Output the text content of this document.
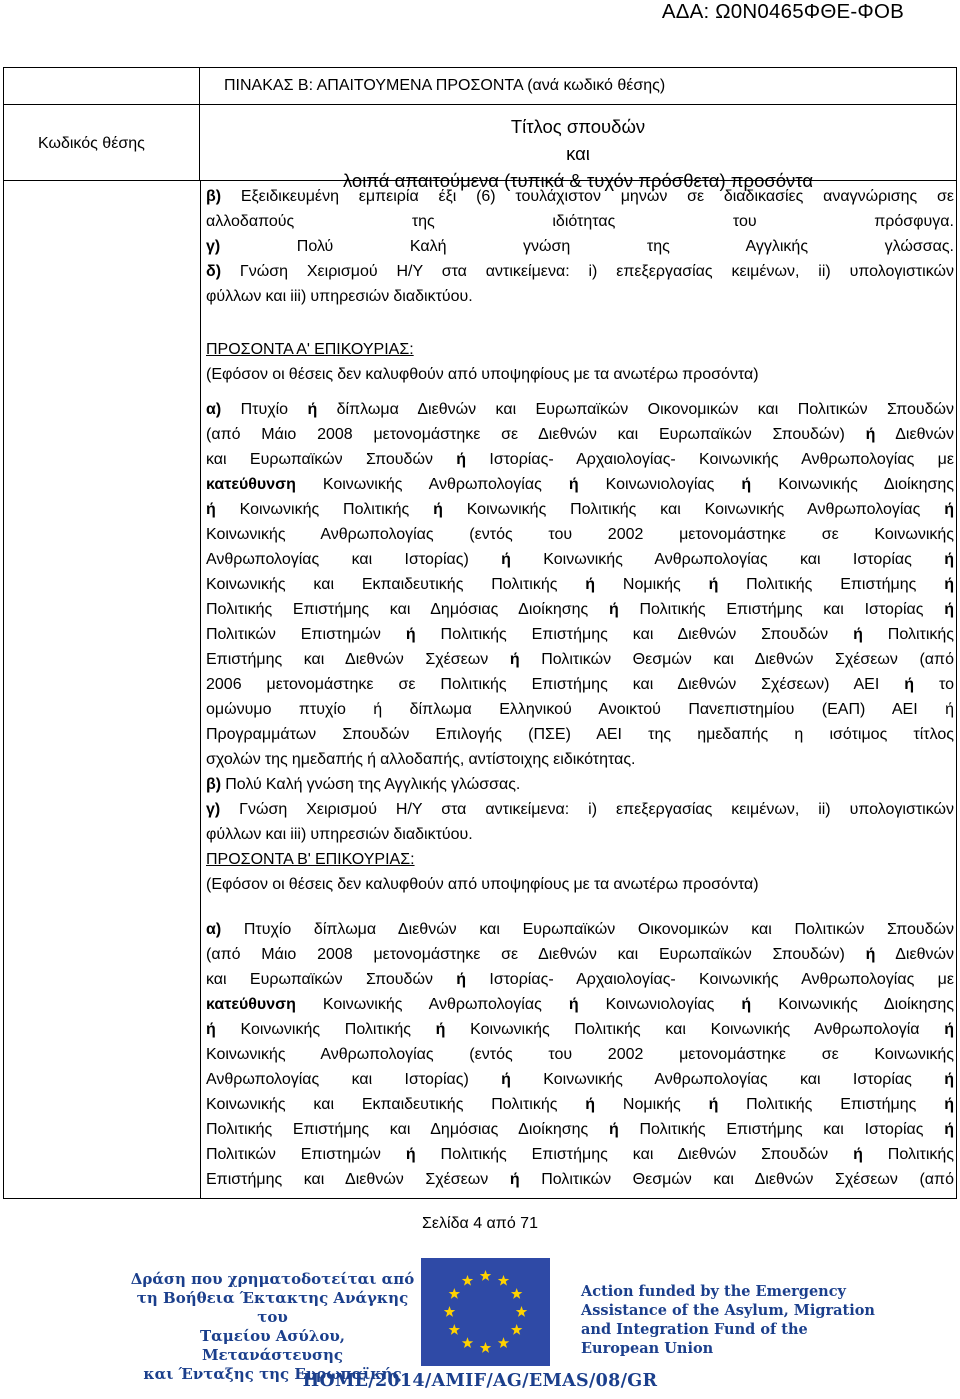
ΑΔΑ: Ω0Ν0465ΦΘΕ-ΦΟΒ
ΠΙΝΑΚΑΣ Β: ΑΠΑΙΤΟΥΜΕΝΑ ΠΡΟΣΟΝΤΑ (ανά κωδικό θέσης)
Κωδικός θέσης
Τίτλος σπουδών
και
λοιπά απαιτούμενα (τυπικά & τυχόν πρόσθετα) προσόντα
β) Εξειδικευμένη εμπειρία έξι (6) τουλάχιστον μηνών σε διαδικασίες αναγνώρισης σε
αλλοδαπούς της ιδιότητας του πρόσφυγα.
γ) Πολύ Καλή γνώση της Αγγλικής γλώσσας.
δ) Γνώση Χειρισμού Η/Υ στα αντικείμενα: i) επεξεργασίας κειμένων, ii) υπολογιστικών
φύλλων και iii) υπηρεσιών διαδικτύου.
ΠΡΟΣΟΝΤΑ Α' ΕΠΙΚΟΥΡΙΑΣ:
(Εφόσον οι θέσεις δεν καλυφθούν από υποψηφίους με τα ανωτέρω προσόντα)
α) Πτυχίο ή δίπλωμα Διεθνών και Ευρωπαϊκών Οικονομικών και Πολιτικών Σπουδών
(από Μάιο 2008 μετονομάστηκε σε Διεθνών και Ευρωπαϊκών Σπουδών) ή Διεθνών
και Ευρωπαϊκών Σπουδών ή Ιστορίας- Αρχαιολογίας- Κοινωνικής Ανθρωπολογίας με
κατεύθυνση Κοινωνικής Ανθρωπολογίας ή Κοινωνιολογίας ή Κοινωνικής Διοίκησης
ή Κοινωνικής Πολιτικής ή Κοινωνικής Πολιτικής και Κοινωνικής Ανθρωπολογίας ή
Κοινωνικής Ανθρωπολογίας (εντός του 2002 μετονομάστηκε σε Κοινωνικής
Ανθρωπολογίας και Ιστορίας) ή Κοινωνικής Ανθρωπολογίας και Ιστορίας ή
Κοινωνικής και Εκπαιδευτικής Πολιτικής ή Νομικής ή Πολιτικής Επιστήμης ή
Πολιτικής Επιστήμης και Δημόσιας Διοίκησης ή Πολιτικής Επιστήμης και Ιστορίας ή
Πολιτικών Επιστημών ή Πολιτικής Επιστήμης και Διεθνών Σπουδών ή Πολιτικής
Επιστήμης και Διεθνών Σχέσεων ή Πολιτικών Θεσμών και Διεθνών Σχέσεων (από
2006 μετονομάστηκε σε Πολιτικής Επιστήμης και Διεθνών Σχέσεων) ΑΕΙ ή το
ομώνυμο πτυχίο ή δίπλωμα Ελληνικού Ανοικτού Πανεπιστημίου (ΕΑΠ) ΑΕΙ ή
Προγραμμάτων Σπουδών Επιλογής (ΠΣΕ) ΑΕΙ της ημεδαπής η ισότιμος τίτλος
σχολών της ημεδαπής ή αλλοδαπής, αντίστοιχης ειδικότητας.
β) Πολύ Καλή γνώση της Αγγλικής γλώσσας.
γ) Γνώση Χειρισμού Η/Υ στα αντικείμενα: i) επεξεργασίας κειμένων, ii) υπολογιστικών
φύλλων και iii) υπηρεσιών διαδικτύου.
ΠΡΟΣΟΝΤΑ Β' ΕΠΙΚΟΥΡΙΑΣ:
(Εφόσον οι θέσεις δεν καλυφθούν από υποψηφίους με τα ανωτέρω προσόντα)
α) Πτυχίο δίπλωμα Διεθνών και Ευρωπαϊκών Οικονομικών και Πολιτικών Σπουδών
(από Μάιο 2008 μετονομάστηκε σε Διεθνών και Ευρωπαϊκών Σπουδών) ή Διεθνών
και Ευρωπαϊκών Σπουδών ή Ιστορίας- Αρχαιολογίας- Κοινωνικής Ανθρωπολογίας με
κατεύθυνση Κοινωνικής Ανθρωπολογίας ή Κοινωνιολογίας ή Κοινωνικής Διοίκησης
ή Κοινωνικής Πολιτικής ή Κοινωνικής Πολιτικής και Κοινωνικής Ανθρωπολογία ή
Κοινωνικής Ανθρωπολογίας (εντός του 2002 μετονομάστηκε σε Κοινωνικής
Ανθρωπολογίας και Ιστορίας) ή Κοινωνικής Ανθρωπολογίας και Ιστορίας ή
Κοινωνικής και Εκπαιδευτικής Πολιτικής ή Νομικής ή Πολιτικής Επιστήμης ή
Πολιτικής Επιστήμης και Δημόσιας Διοίκησης ή Πολιτικής Επιστήμης και Ιστορίας ή
Πολιτικών Επιστημών ή Πολιτικής Επιστήμης και Διεθνών Σπουδών ή Πολιτικής
Επιστήμης και Διεθνών Σχέσεων ή Πολιτικών Θεσμών και Διεθνών Σχέσεων (από
Σελίδα 4 από 71
Δράση που χρηματοδοτείται από
τη Βοήθεια Έκτακτης Ανάγκης του
Ταμείου Ασύλου, Μετανάστευσης
και Ένταξης της Ευρωπαϊκής
Action funded by the Emergency
Assistance of the Asylum, Migration
and Integration Fund of the
European Union
HOME/2014/AMIF/AG/EMAS/08/GR
